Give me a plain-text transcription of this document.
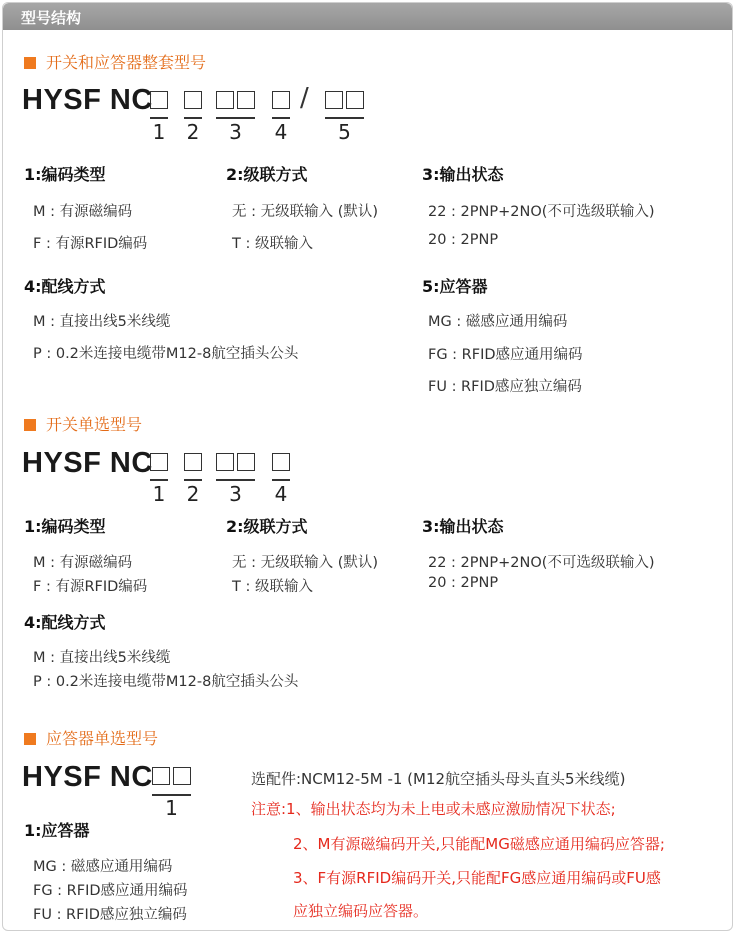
型号结构
开关和应答器整套型号
HYSF NC	/
1 2	3	4	5
1:编码类型	2:级联方式	3:输出状态
M : 有源磁编码
F : 有源RFID编码
无 : 无级联输入 (默认)
T : 级联输入
22 : 2PNP+2NO(不可选级联输入)
20 : 2PNP
4:配线方式	5:应答器
M : 直接出线5米线缆
P : 0.2米连接电缆带M12-8航空插头公头
MG : 磁感应通用编码
FG : RFID感应通用编码
FU : RFID感应独立编码
开关单选型号
HYSF NC
1 2	3	4
1:编码类型	2:级联方式	3:输出状态
M : 有源磁编码
F : 有源RFID编码
无 : 无级联输入 (默认)
T : 级联输入
22 : 2PNP+2NO(不可选级联输入)
20 : 2PNP
4:配线方式
M : 直接出线5米线缆
P : 0.2米连接电缆带M12-8航空插头公头
应答器单选型号
HYSF NC
1
1:应答器
MG : 磁感应通用编码
FG : RFID感应通用编码
FU : RFID感应独立编码
选配件:NCM12-5M -1 (M12航空插头母头直头5米线缆)
注意:1、输出状态均为未上电或未感应激励情况下状态;
2、M有源磁编码开关,只能配MG磁感应通用编码应答器;
3、F有源RFID编码开关,只能配FG感应通用编码或FU感
应独立编码应答器。
